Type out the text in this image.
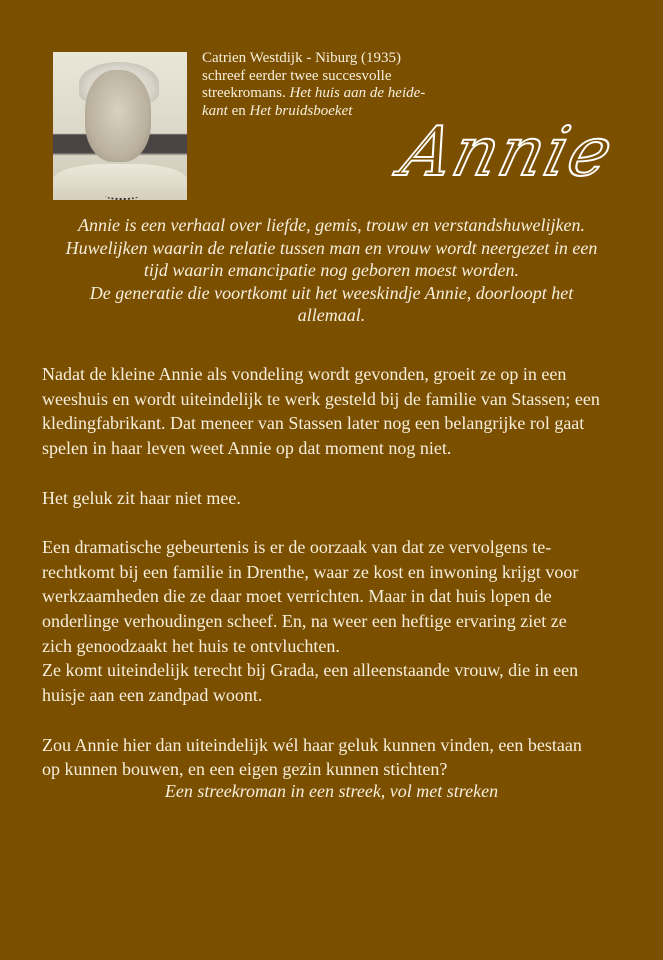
Catrien Westdijk - Niburg (1935)
schreef eerder twee succesvolle
streekromans. Het huis aan de heide-
kant en Het bruidsboeket
Annie
Annie is een verhaal over liefde, gemis, trouw en verstandshuwelijken.
Huwelijken waarin de relatie tussen man en vrouw wordt neergezet in een
tijd waarin emancipatie nog geboren moest worden.
De generatie die voortkomt uit het weeskindje Annie, doorloopt het
allemaal.

Nadat de kleine Annie als vondeling wordt gevonden, groeit ze op in een
weeshuis en wordt uiteindelijk te werk gesteld bij de familie van Stassen; een
kledingfabrikant. Dat meneer van Stassen later nog een belangrijke rol gaat
spelen in haar leven weet Annie op dat moment nog niet.

Het geluk zit haar niet mee.

Een dramatische gebeurtenis is er de oorzaak van dat ze vervolgens te-
rechtkomt bij een familie in Drenthe, waar ze kost en inwoning krijgt voor
werkzaamheden die ze daar moet verrichten. Maar in dat huis lopen de
onderlinge verhoudingen scheef. En, na weer een heftige ervaring ziet ze
zich genoodzaakt het huis te ontvluchten.

Ze komt uiteindelijk terecht bij Grada, een alleenstaande vrouw, die in een
huisje aan een zandpad woont.

Zou Annie hier dan uiteindelijk wél haar geluk kunnen vinden, een bestaan
op kunnen bouwen, en een eigen gezin kunnen stichten?

Een streekroman in een streek, vol met streken
